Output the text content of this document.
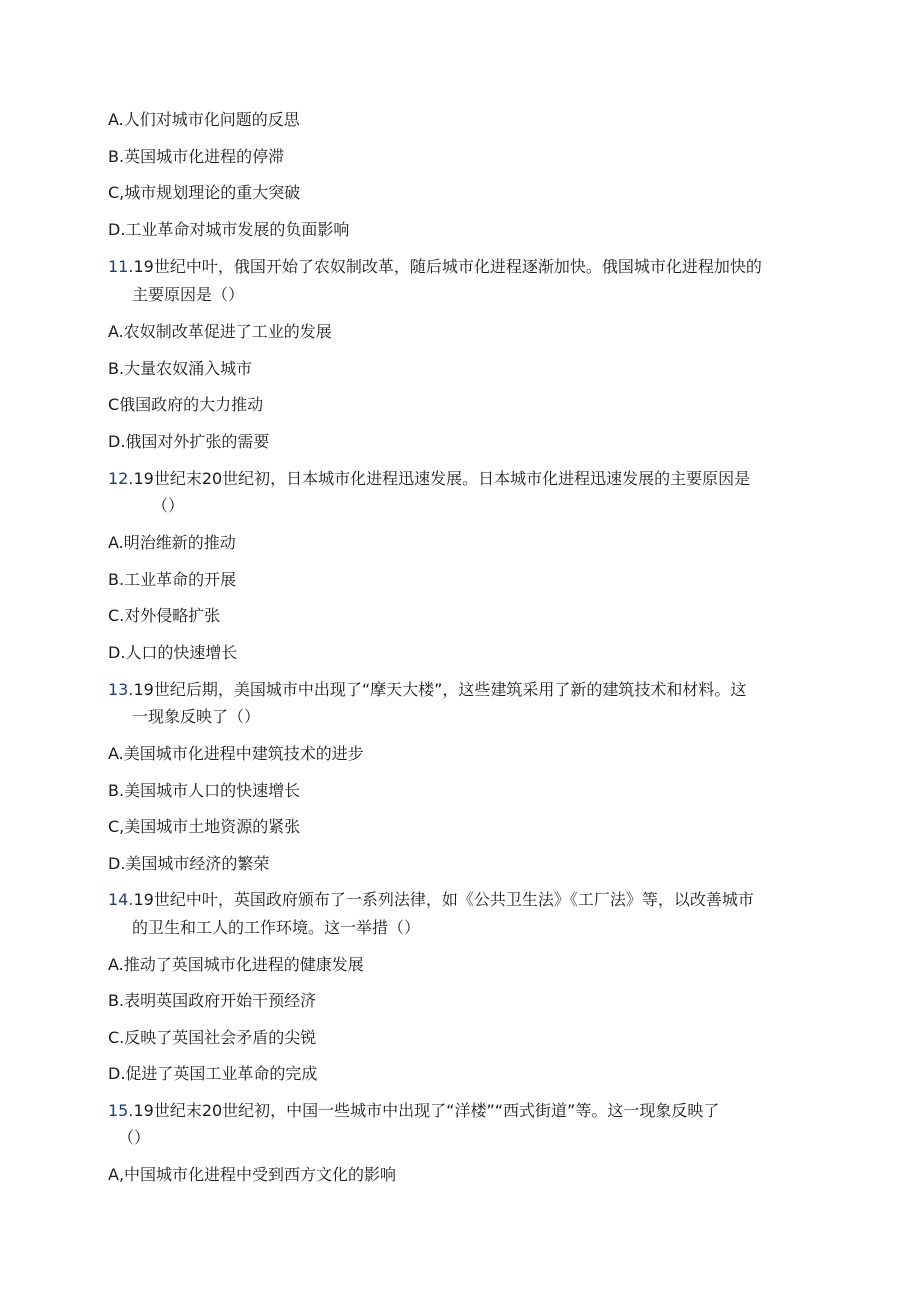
A.人们对城市化问题的反思
B.英国城市化进程的停滞
C,城市规划理论的重大突破
D.工业革命对城市发展的负面影响
11.19世纪中叶，俄国开始了农奴制改革，随后城市化进程逐渐加快。俄国城市化进程加快的
主要原因是（）
A.农奴制改革促进了工业的发展
B.大量农奴涌入城市
C俄国政府的大力推动
D.俄国对外扩张的需要
12.19世纪末20世纪初，日本城市化进程迅速发展。日本城市化进程迅速发展的主要原因是
（）
A.明治维新的推动
B.工业革命的开展
C.对外侵略扩张
D.人口的快速增长
13.19世纪后期，美国城市中出现了“摩天大楼”，这些建筑采用了新的建筑技术和材料。这
一现象反映了（）
A.美国城市化进程中建筑技术的进步
B.美国城市人口的快速增长
C,美国城市土地资源的紧张
D.美国城市经济的繁荣
14.19世纪中叶，英国政府颁布了一系列法律，如《公共卫生法》《工厂法》等，以改善城市
的卫生和工人的工作环境。这一举措（）
A.推动了英国城市化进程的健康发展
B.表明英国政府开始干预经济
C.反映了英国社会矛盾的尖锐
D.促进了英国工业革命的完成
15.19世纪末20世纪初，中国一些城市中出现了“洋楼”“西式街道”等。这一现象反映了
（）
A,中国城市化进程中受到西方文化的影响
